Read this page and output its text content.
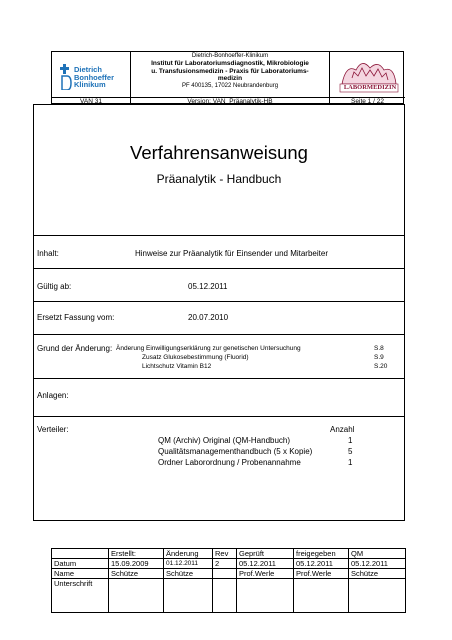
Dietrich
Bonhoeffer
Klinikum
Dietrich-Bonhoeffer-Klinikum
Institut für Laboratoriumsdiagnostik, Mikrobiologie
u. Transfusionsmedizin - Praxis für Laboratoriums-
medizin
PF 400135, 17022 Neubrandenburg	LABORMEDIZIN
VAN 31	Version: VAN_Präanalytik-HB	Seite 1 / 22
Verfahrensanweisung
Präanalytik - Handbuch
Inhalt:	Hinweise zur Präanalytik für Einsender und Mitarbeiter
Gültig ab:	05.12.2011
Ersetzt Fassung vom:	20.07.2010
Grund der Änderung: Änderung Einwilligungserklärung zur genetischen Untersuchung	S.8
Zusatz Glukosebestimmung (Fluorid)	S.9
Lichtschutz Vitamin B12	S.20
Anlagen:
Verteiler:	Anzahl
QM (Archiv) Original (QM-Handbuch)	1
Qualitätsmanagementhandbuch (5 x Kopie)	5
Ordner Laborordnung / Probenannahme	1
	Erstellt:	Änderung	Rev	Geprüft	freigegeben	QM
Datum	15.09.2009	01.12.2011	2	05.12.2011	05.12.2011	05.12.2011
Name	Schütze	Schütze		Prof.Werle	Prof.Werle	Schütze
Unterschrift						
